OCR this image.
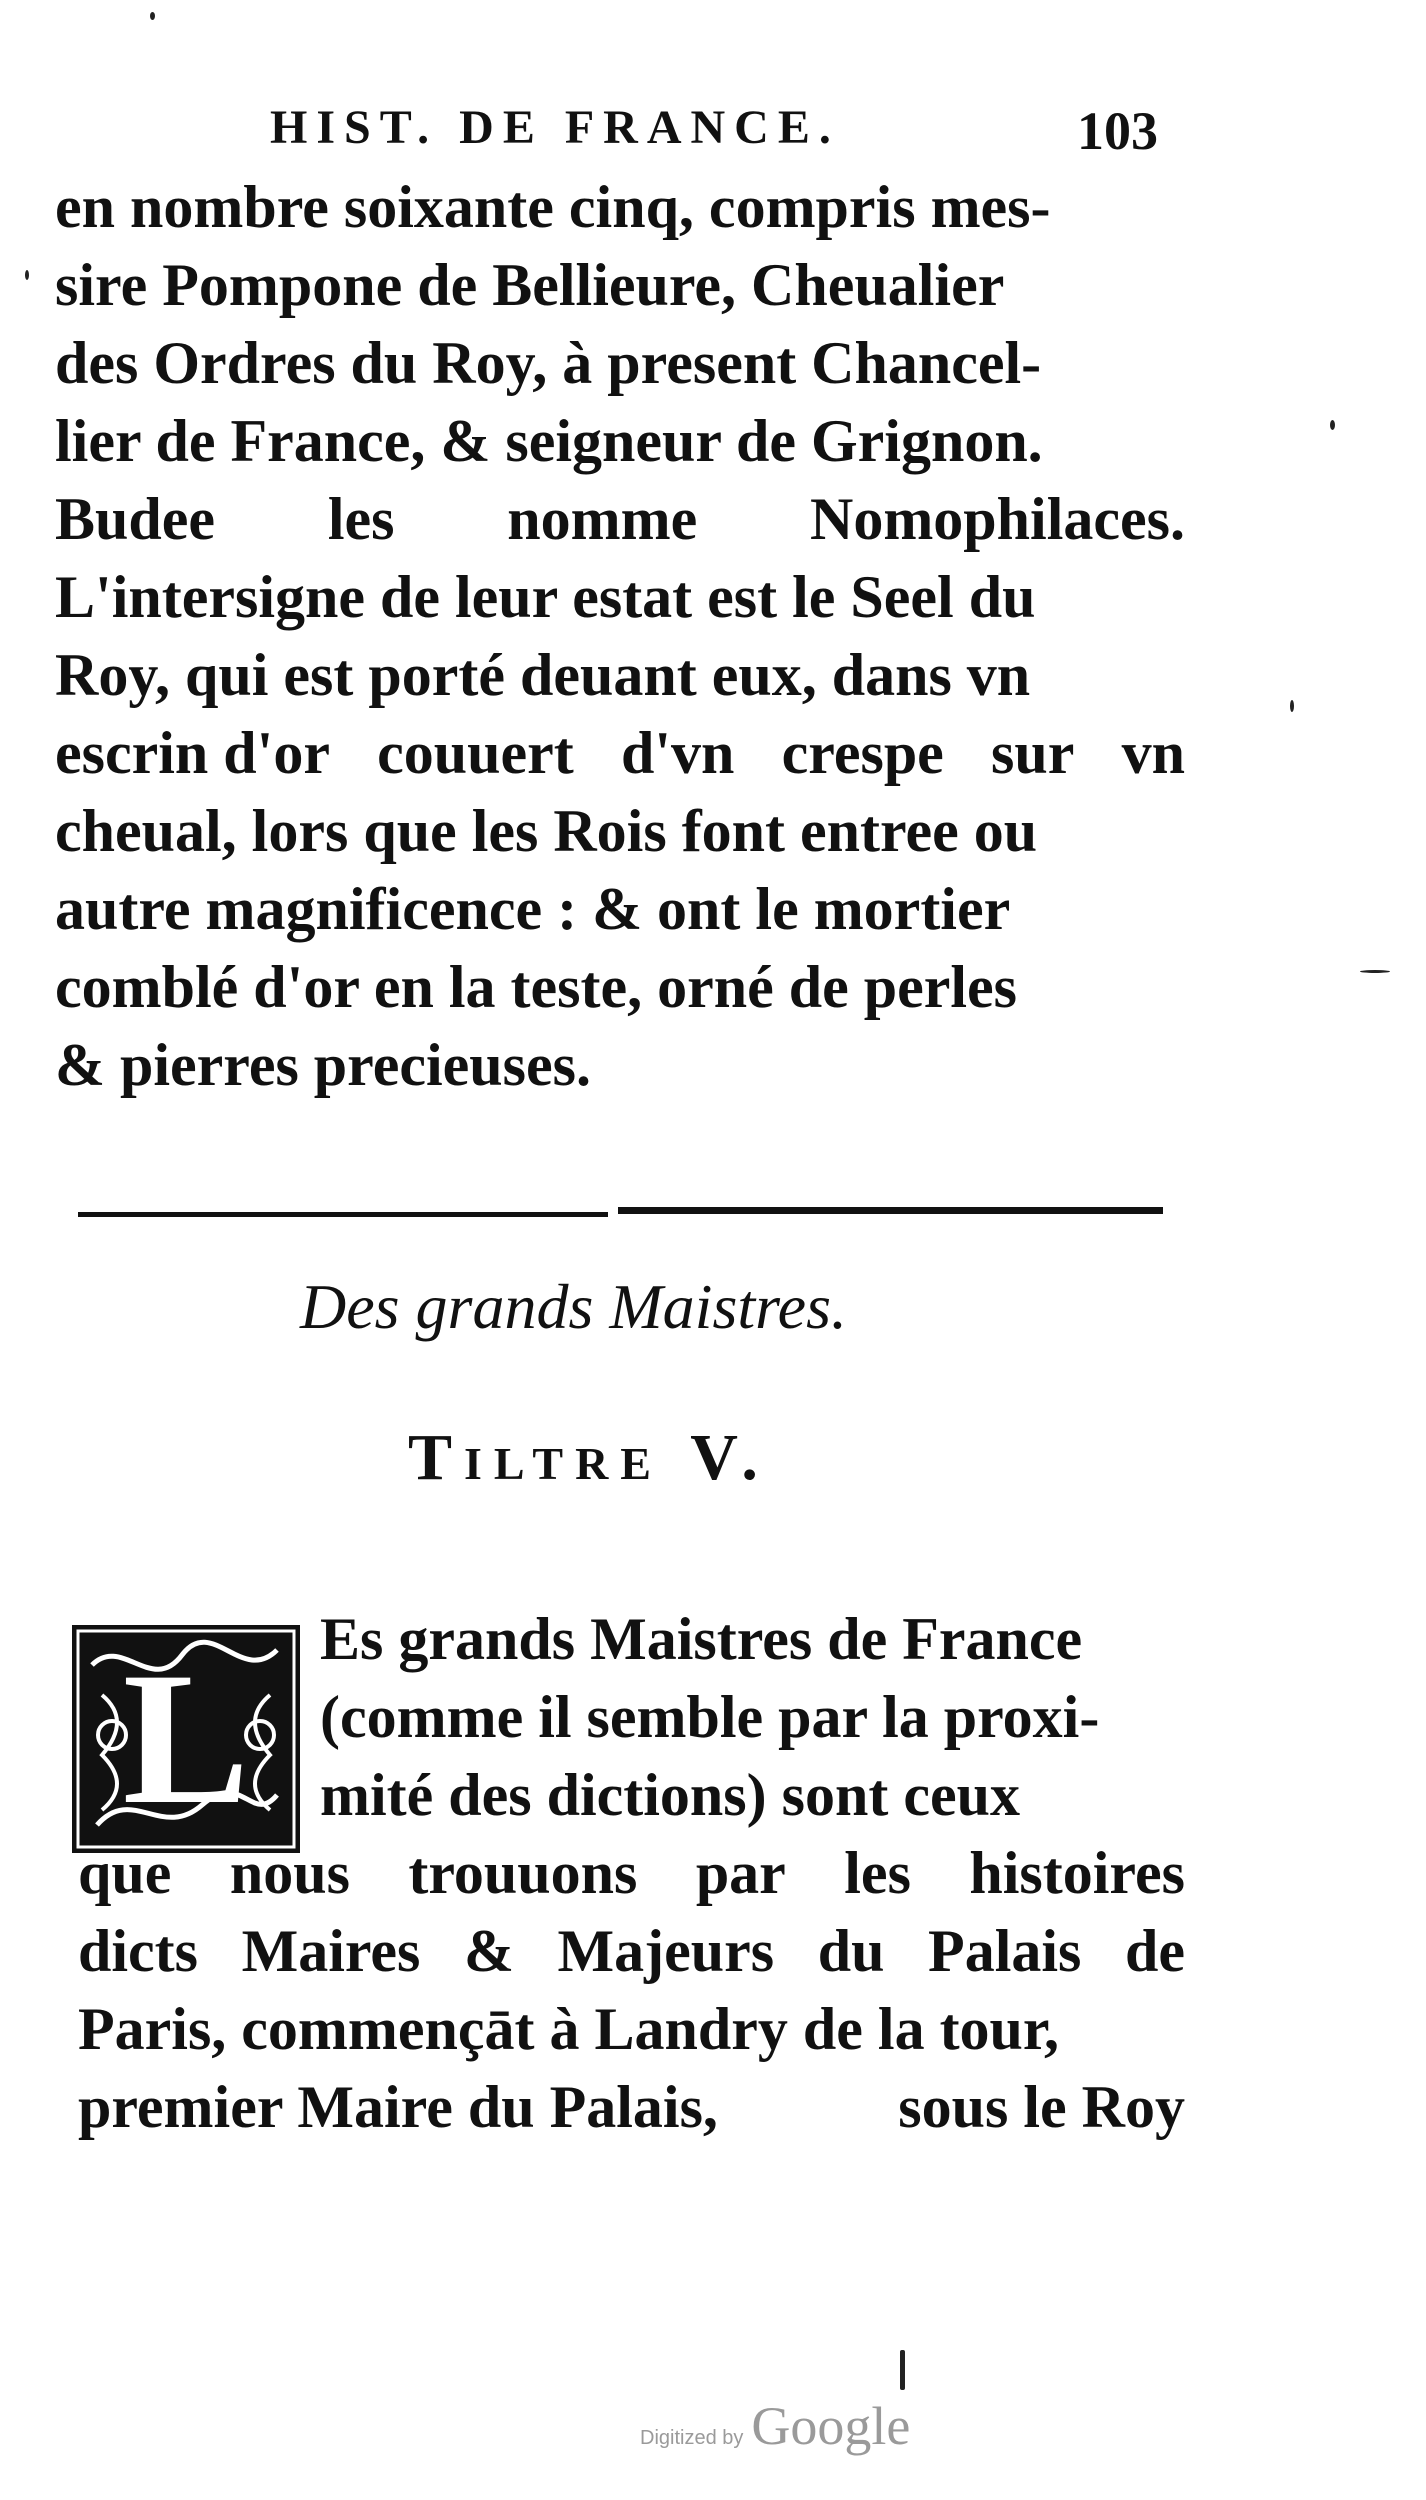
HIST. DE FRANCE.	103
en nombre soixante cinq, compris mes-
sire Pompone de Bellieure, Cheualier
des Ordres du Roy, à present Chancel-
lier de France, & seigneur de Grignon.
Budee les nomme Nomophilaces.
L'intersigne de leur estat est le Seel du
Roy, qui est porté deuant eux, dans vn
escrin d'or couuert d'vn crespe sur vn
cheual, lors que les Rois font entree ou
autre magnificence : & ont le mortier
comblé d'or en la teste, orné de perles
& pierres precieuses.
Des grands Maistres.
Tiltre V.
L Es grands Maistres de France
(comme il semble par la proxi-
mité des dictions) sont ceux
que nous trouuons par les histoires
dicts Maires & Majeurs du Palais de
Paris, commençāt à Landry de la tour,
premier Maire du Palais,	sous le Roy
Digitized by Google
